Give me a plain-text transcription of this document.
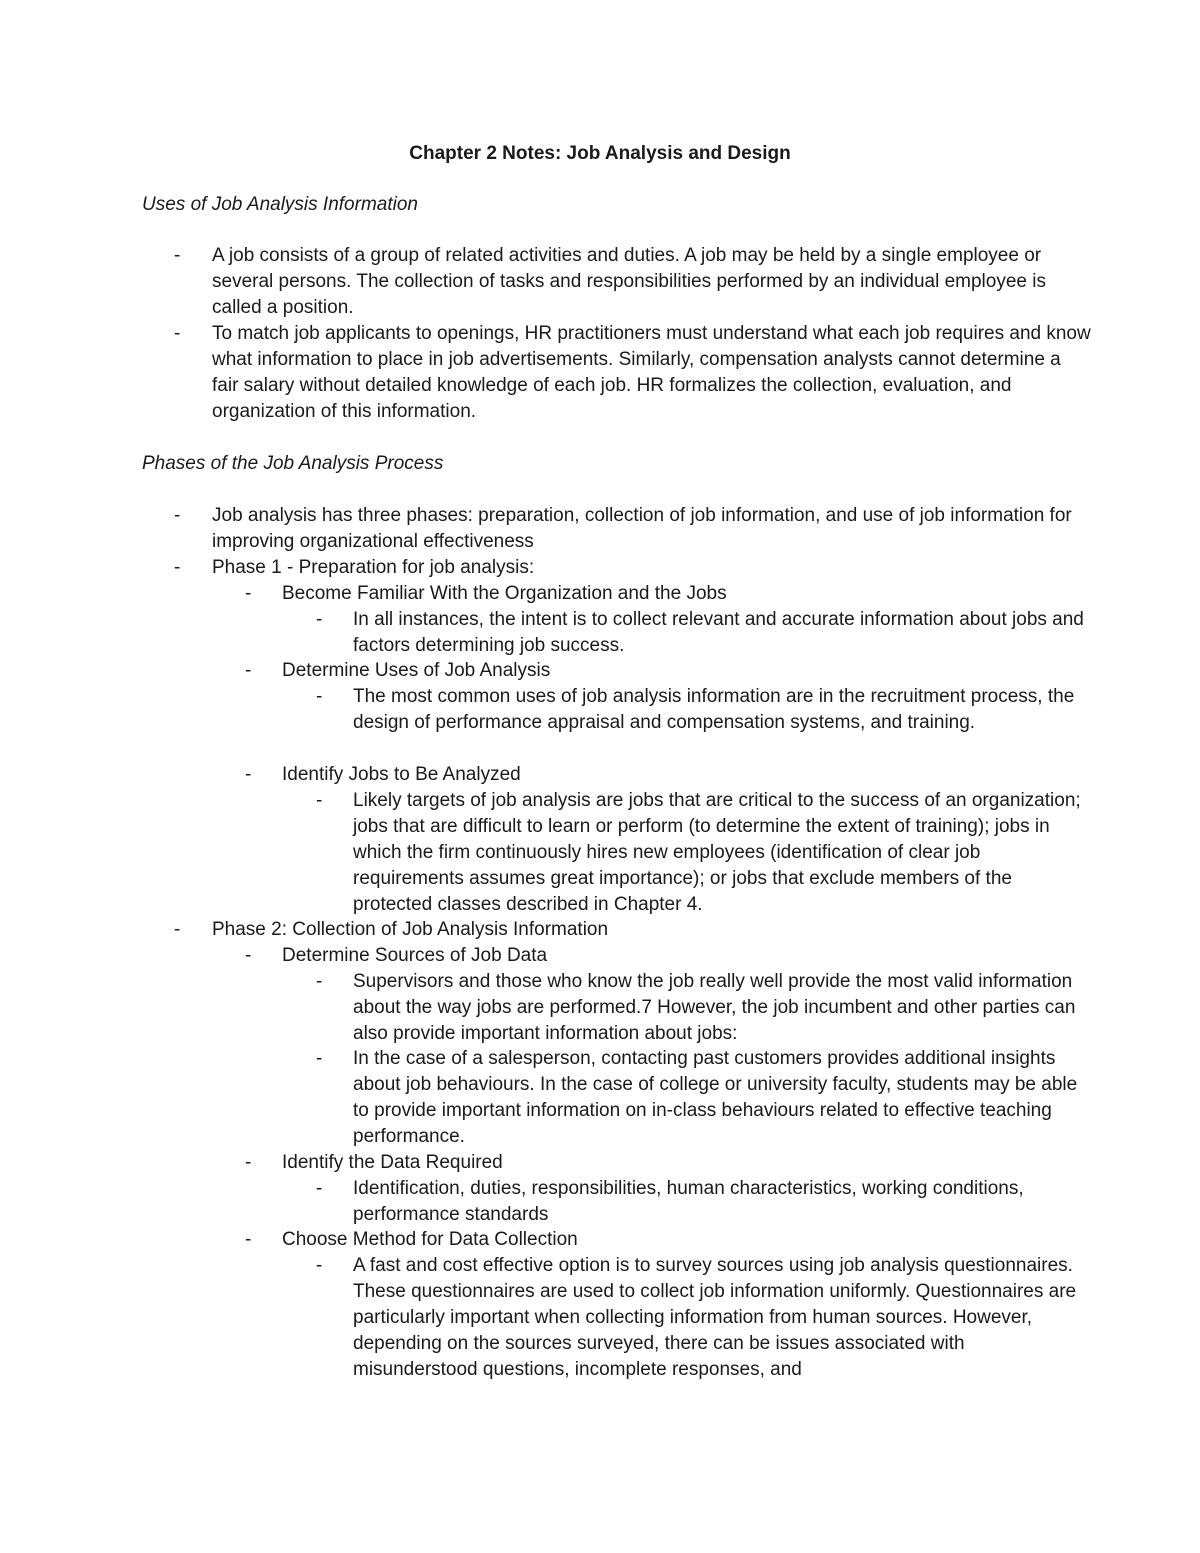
Chapter 2 Notes: Job Analysis and Design

Uses of Job Analysis Information

- A job consists of a group of related activities and duties. A job may be held by a single employee or several persons. The collection of tasks and responsibilities performed by an individual employee is called a position.

- To match job applicants to openings, HR practitioners must understand what each job requires and know what information to place in job advertisements. Similarly, compensation analysts cannot determine a fair salary without detailed knowledge of each job. HR formalizes the collection, evaluation, and organization of this information.

Phases of the Job Analysis Process

- Job analysis has three phases: preparation, collection of job information, and use of job information for improving organizational effectiveness

- Phase 1 - Preparation for job analysis:

- Become Familiar With the Organization and the Jobs

- In all instances, the intent is to collect relevant and accurate information about jobs and factors determining job success.

- Determine Uses of Job Analysis

- The most common uses of job analysis information are in the recruitment process, the design of performance appraisal and compensation systems, and training.

- Identify Jobs to Be Analyzed

- Likely targets of job analysis are jobs that are critical to the success of an organization; jobs that are difficult to learn or perform (to determine the extent of training); jobs in which the firm continuously hires new employees (identification of clear job requirements assumes great importance); or jobs that exclude members of the protected classes described in Chapter 4.

- Phase 2: Collection of Job Analysis Information

- Determine Sources of Job Data

- Supervisors and those who know the job really well provide the most valid information about the way jobs are performed.7 However, the job incumbent and other parties can also provide important information about jobs:

- In the case of a salesperson, contacting past customers provides additional insights about job behaviours. In the case of college or university faculty, students may be able to provide important information on in-class behaviours related to effective teaching performance.

- Identify the Data Required

- Identification, duties, responsibilities, human characteristics, working conditions, performance standards

- Choose Method for Data Collection

- A fast and cost effective option is to survey sources using job analysis questionnaires. These questionnaires are used to collect job information uniformly. Questionnaires are particularly important when collecting information from human sources. However, depending on the sources surveyed, there can be issues associated with misunderstood questions, incomplete responses, and
